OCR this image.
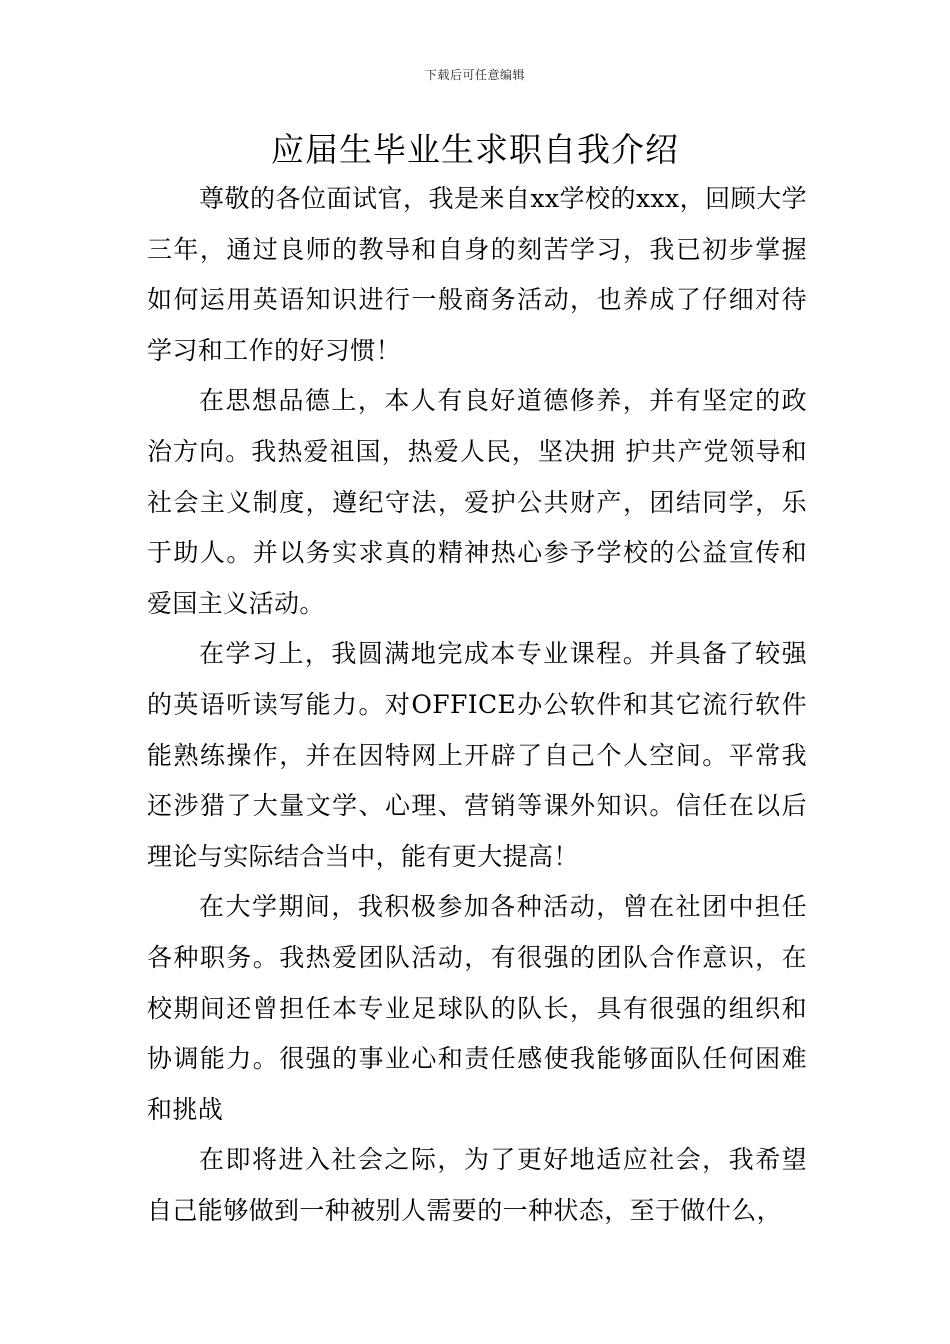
下载后可任意编辑
应届生毕业生求职自我介绍

尊敬的各位面试官，我是来自xx学校的xxx，回顾大学三年，通过良师的教导和自身的刻苦学习，我已初步掌握如何运用英语知识进行一般商务活动，也养成了仔细对待学习和工作的好习惯！

在思想品德上，本人有良好道德修养，并有坚定的政治方向。我热爱祖国，热爱人民，坚决拥 护共产党领导和社会主义制度，遵纪守法，爱护公共财产，团结同学，乐于助人。并以务实求真的精神热心参予学校的公益宣传和爱国主义活动。

在学习上，我圆满地完成本专业课程。并具备了较强的英语听读写能力。对OFFICE办公软件和其它流行软件能熟练操作，并在因特网上开辟了自己个人空间。平常我还涉猎了大量文学、心理、营销等课外知识。信任在以后理论与实际结合当中，能有更大提高！

在大学期间，我积极参加各种活动，曾在社团中担任各种职务。我热爱团队活动，有很强的团队合作意识，在校期间还曾担任本专业足球队的队长，具有很强的组织和协调能力。很强的事业心和责任感使我能够面队任何困难和挑战

在即将进入社会之际，为了更好地适应社会，我希望自己能够做到一种被别人需要的一种状态，至于做什么，
